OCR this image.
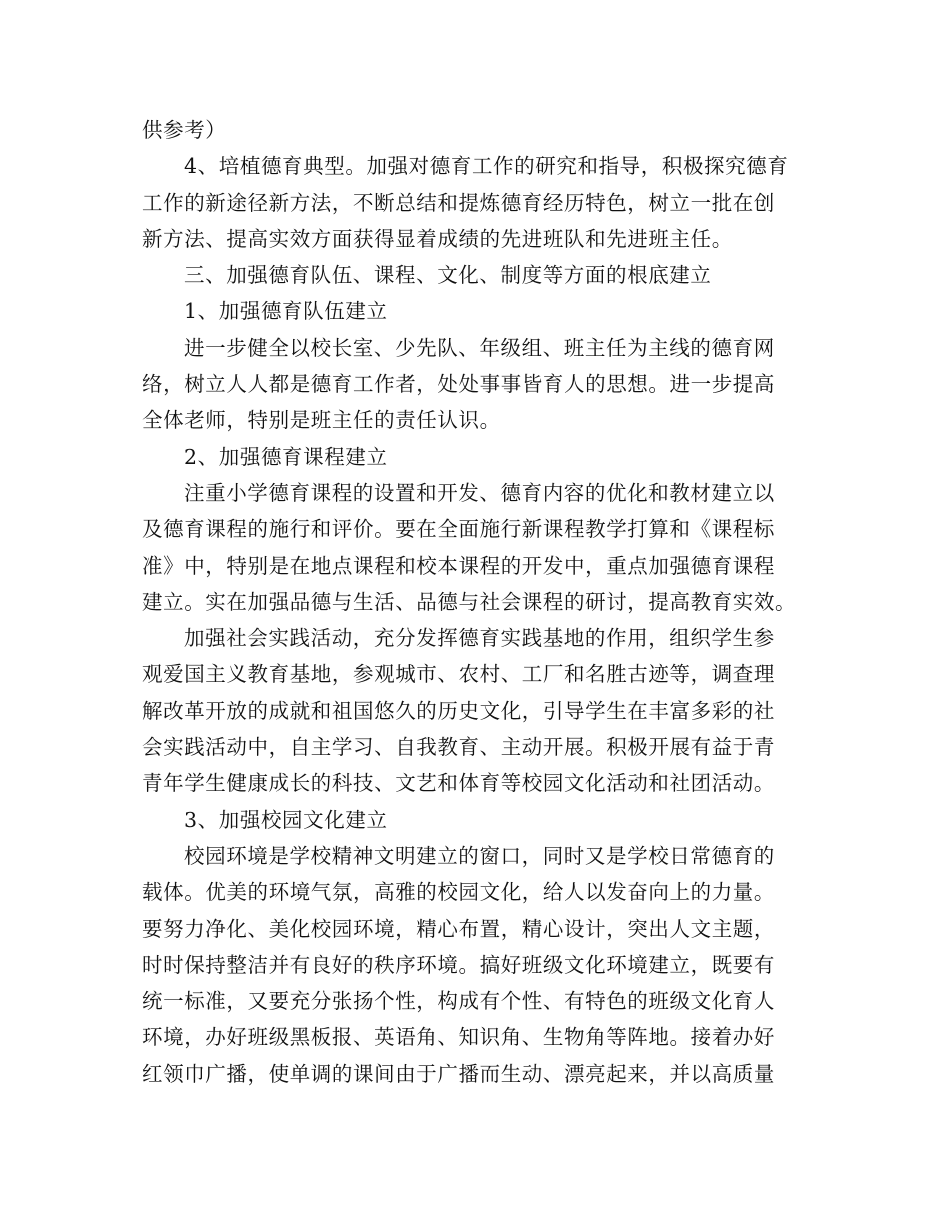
供参考）
4、培植德育典型。加强对德育工作的研究和指导，积极探究德育
工作的新途径新方法，不断总结和提炼德育经历特色，树立一批在创
新方法、提高实效方面获得显着成绩的先进班队和先进班主任。
三、加强德育队伍、课程、文化、制度等方面的根底建立
1、加强德育队伍建立
进一步健全以校长室、少先队、年级组、班主任为主线的德育网
络，树立人人都是德育工作者，处处事事皆育人的思想。进一步提高
全体老师，特别是班主任的责任认识。
2、加强德育课程建立
注重小学德育课程的设置和开发、德育内容的优化和教材建立以
及德育课程的施行和评价。要在全面施行新课程教学打算和《课程标
准》中，特别是在地点课程和校本课程的开发中，重点加强德育课程
建立。实在加强品德与生活、品德与社会课程的研讨，提高教育实效。
加强社会实践活动，充分发挥德育实践基地的作用，组织学生参
观爱国主义教育基地，参观城市、农村、工厂和名胜古迹等，调查理
解改革开放的成就和祖国悠久的历史文化，引导学生在丰富多彩的社
会实践活动中，自主学习、自我教育、主动开展。积极开展有益于青
青年学生健康成长的科技、文艺和体育等校园文化活动和社团活动。
3、加强校园文化建立
校园环境是学校精神文明建立的窗口，同时又是学校日常德育的
载体。优美的环境气氛，高雅的校园文化，给人以发奋向上的力量。
要努力净化、美化校园环境，精心布置，精心设计，突出人文主题，
时时保持整洁并有良好的秩序环境。搞好班级文化环境建立，既要有
统一标准，又要充分张扬个性，构成有个性、有特色的班级文化育人
环境，办好班级黑板报、英语角、知识角、生物角等阵地。接着办好
红领巾广播，使单调的课间由于广播而生动、漂亮起来，并以高质量
